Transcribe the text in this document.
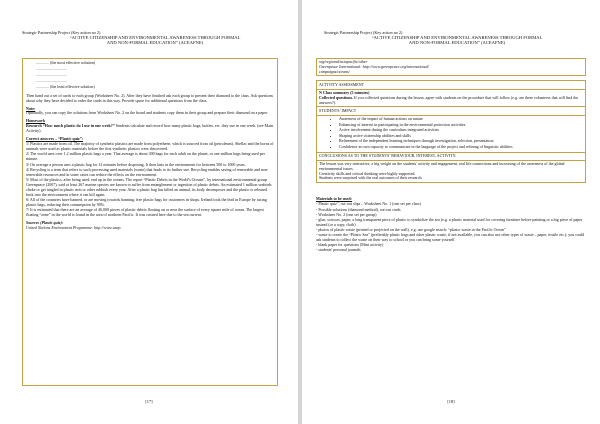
Strategic Partnership Project (Key action no 2)
“ACTIVE CITIZENSHIP AND ENVIRONMENTAL AWARENESS THROUGH FORMAL
AND NON-FORMAL EDUCATION” (ACEAFNE)
............. (the most effective solution)
...............................
...............................
...............................
............. (the least effective solution)

Then hand out a set of cards to each group (Worksheet No. 2). After they have finished ask each group to present their diamond to the class. Ask questions about why they have decided to order the cards in this way. Provide space for additional questions from the class.

Note:
Optionally, you can copy the solutions from Worksheet No. 2 on the board and students copy them in their group and prepare their diamond on a paper.

Homework
Research “How much plastic do I use in one week?” Students calculate and record how many plastic bags, bottles, etc. they use in one week. (see Main Activity).

Correct answers – “Plastic quiz”:
1/ Plastics are made from oil. The majority of synthetic plastics are made from polyethene, which is sourced from oil (petroleum). Shellac and the horns of animals were used as plastic materials before the first synthetic plastics were discovered.
2/ The world uses over 1.2 million plastic bags a year. That average is about 300 bags for each adult on the planet, or one million bags being used per minute.
3/ On average a person uses a plastic bag for 12 minutes before disposing. It then lasts in the environment for between 500 to 1000 years.
4/ Recycling is a term that refers to such processing used materials (waste) that leads to its further use. Recycling enables saving of renewable and non-renewable resources and in some cases can reduce the effects on the environment.
5/ Most of the plastics, after being used, end up in the oceans. The report “Plastic Debris in the World's Oceans”, by international environmental group Greenpeace (2007), said at least 267 marine species are known to suffer from entanglement or ingestion of plastic debris. An estimated 1 million seabirds choke or get tangled in plastic nets or other rubbish every year. After a plastic bag has killed an animal, its body decomposes and the plastic is released back into the environment where it can kill again.
6/ All of the countries have banned, or are moving towards banning, free plastic bags for customers in shops. Ireland took the lead in Europe by taxing plastic bags, reducing their consumption by 90%.
7/ It is estimated that there are an average of 46,000 pieces of plastic debris floating on or near the surface of every square mile of ocean. The largest floating “zone” in the world is found in the area of northern Pacific. It was created here due to the sea current.

Sources (Plastic quiz):
United Nations Environment Programme: http://www.unep.

[17]
Strategic Partnership Project (Key action no 2)
“ACTIVE CITIZENSHIP AND ENVIRONMENTAL AWARENESS THROUGH FORMAL
AND NON-FORMAL EDUCATION” (ACEAFNE)
org/regional/asiapacific/other
Greenpeace International: http://www.greenpeace.org/international/
campaigns/oceans/

ACTIVITY ASSESSMENT

N Class summary (5 minutes)
Collected questions. If you collected questions during the lesson, agree with students on the procedure that will follow (e.g. are there volunteers that will find the answers?).

STUDENTS’ IMPACT

• Awareness of the impact of human actions on nature
• Enhancing of interest in participating in the environmental protection activities
• Active involvement during the curriculum integrated activities
• Shaping active citizenship abilities and skills
• Refinement of the independent learning techniques through investigation, selection, presentation
• Confidence in own capacity to communicate in the language of the project and refining of linguistic abilities

CONCLUSIONS AS TO THE STUDENTS’ BEHAVIOUR, INTEREST, ACTIVITY:

The lesson was very interactive, a big weight on the students' activity and engagement, real life connections and increasing of the awareness of the global environmental issues.
Creativity skills and critical thinking were highly supported.
Students were surprised with the real outcomes of their research.
Materials to be used:
- Plastic quiz”, cut-out slips – Worksheet No. 1 (one set per class)
- Possible solutions (diamond method), cut-out cards
- Worksheet No. 2 (one set per group)
- glue, scissors, paper, a long transparent piece of plastic to symbolize the sea (e.g. a plastic material used for covering furniture before painting or a big piece of paper instead (or a copy, cloth)
- photos of plastic waste (printed or projected on the wall), e.g. use google search: “plastic waste in the Pacific Ocean”
- waste to create the “Plastic Sea” (preferably plastic bags and other plastic waste, if not available, you can also use other types of waste – paper, textile etc.); you could ask students to collect the waste on their way to school or you can bring some yourself
- blank paper for questions (Mini activity)
- students' personal journals
[18]
